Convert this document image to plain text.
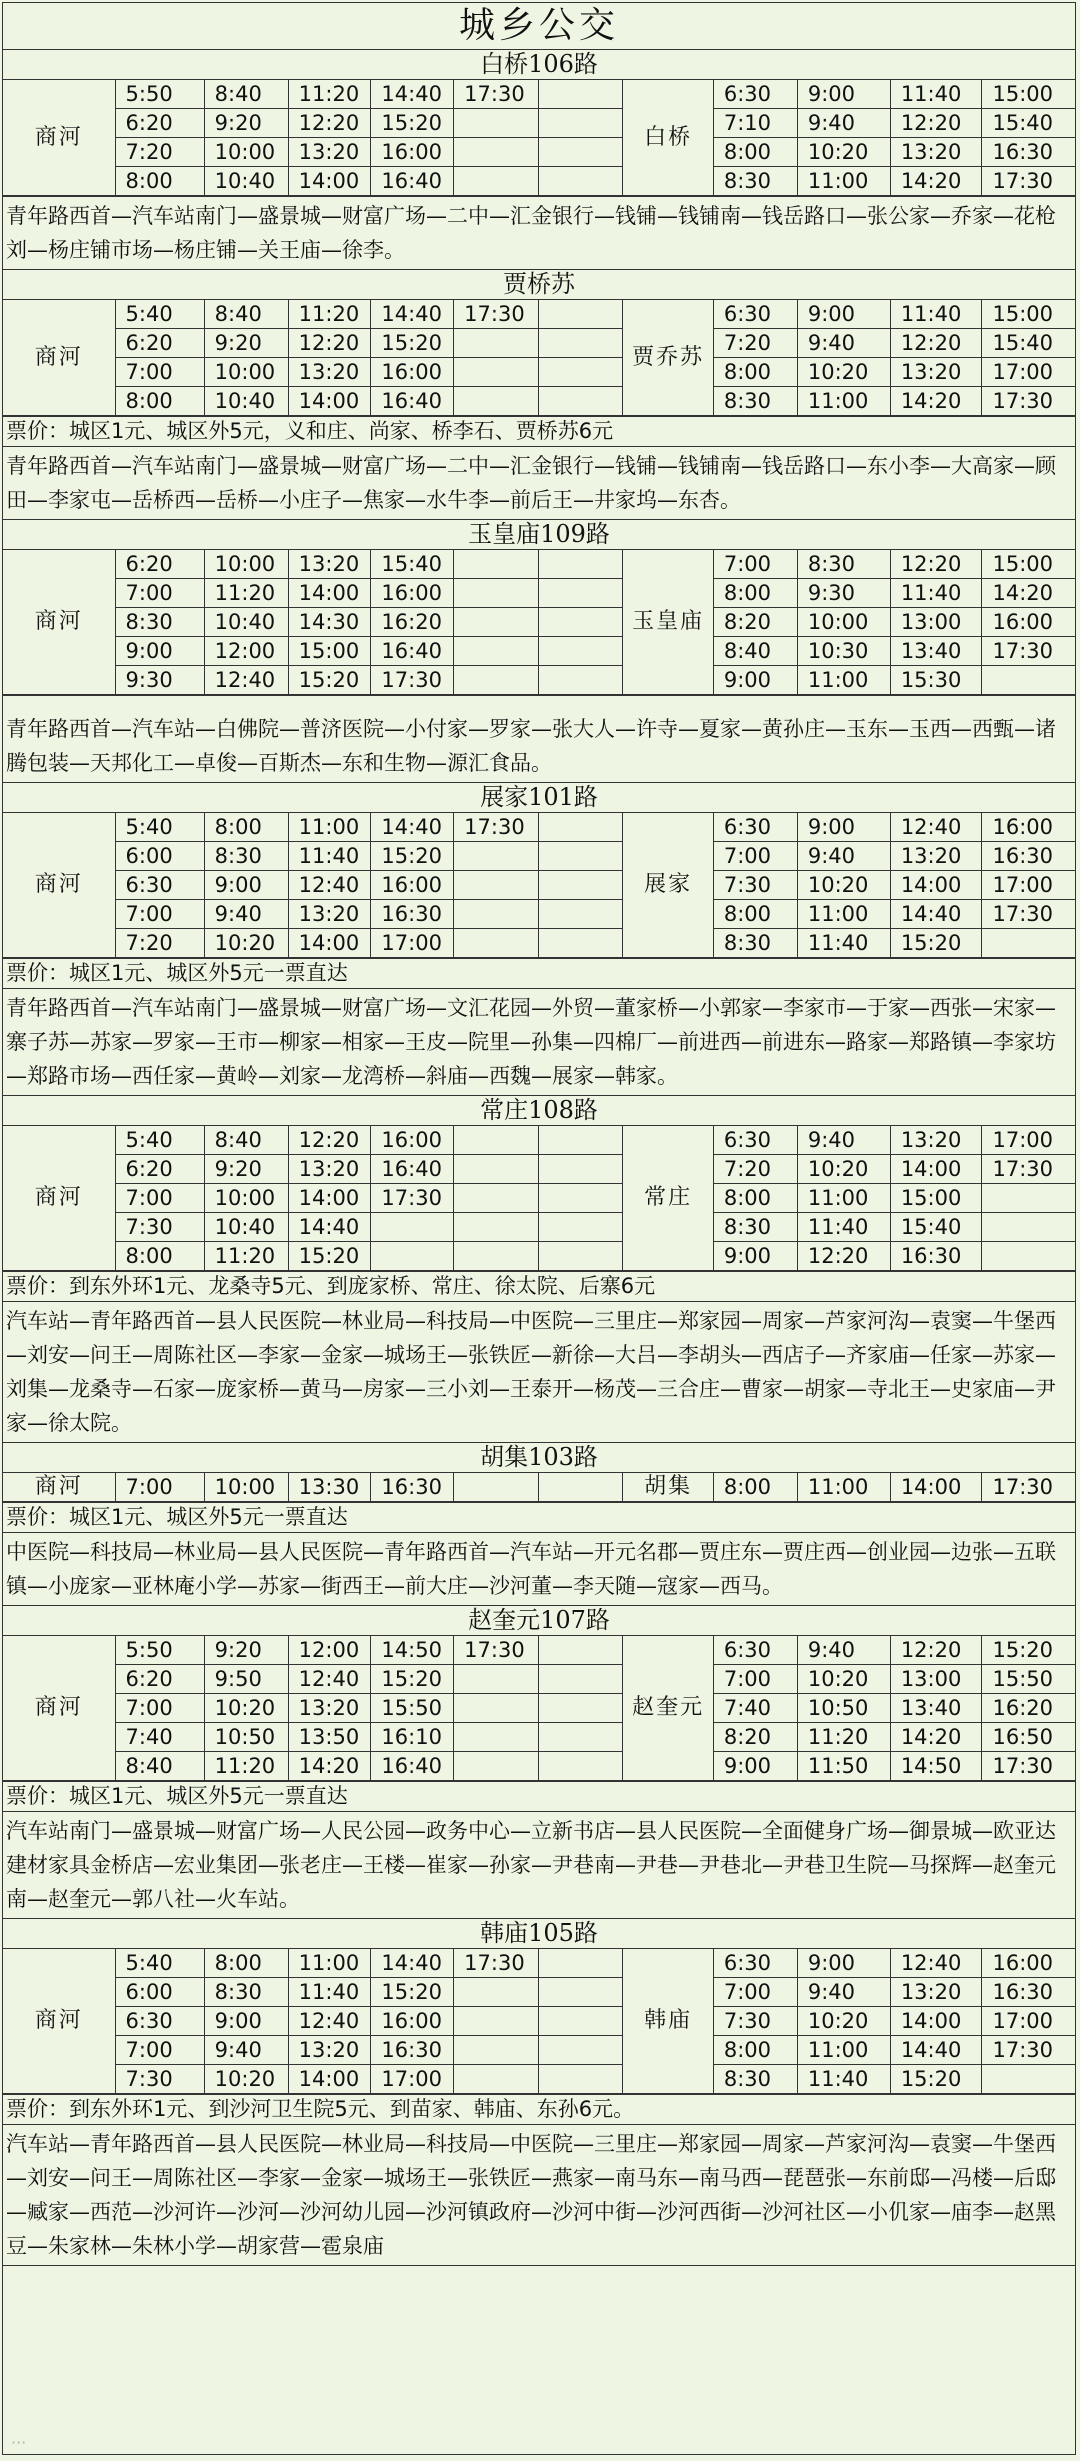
城乡公交
白桥106路
商河	5:50	8:40	11:20	14:40	17:30		白桥	6:30	9:00	11:40	15:00
	6:20	9:20	12:20	15:20				7:10	9:40	12:20	15:40
	7:20	10:00	13:20	16:00				8:00	10:20	13:20	16:30
	8:00	10:40	14:00	16:40				8:30	11:00	14:20	17:30
青年路西首—汽车站南门—盛景城—财富广场—二中—汇金银行—钱铺—钱铺南—钱岳路口—张公家—乔家—花枪刘—杨庄铺市场—杨庄铺—关王庙—徐李。
贾桥苏
商河	5:40	8:40	11:20	14:40	17:30		贾乔苏	6:30	9:00	11:40	15:00
	6:20	9:20	12:20	15:20				7:20	9:40	12:20	15:40
	7:00	10:00	13:20	16:00				8:00	10:20	13:20	17:00
	8:00	10:40	14:00	16:40				8:30	11:00	14:20	17:30
票价：城区1元、城区外5元，义和庄、尚家、桥李石、贾桥苏6元
青年路西首—汽车站南门—盛景城—财富广场—二中—汇金银行—钱铺—钱铺南—钱岳路口—东小李—大高家—顾田—李家屯—岳桥西—岳桥—小庄子—焦家—水牛李—前后王—井家坞—东杏。
玉皇庙109路
商河	6:20	10:00	13:20	15:40			玉皇庙	7:00	8:30	12:20	15:00
	7:00	11:20	14:00	16:00				8:00	9:30	11:40	14:20
	8:30	10:40	14:30	16:20				8:20	10:00	13:00	16:00
	9:00	12:00	15:00	16:40				8:40	10:30	13:40	17:30
	9:30	12:40	15:20	17:30				9:00	11:00	15:30	
青年路西首—汽车站—白佛院—普济医院—小付家—罗家—张大人—许寺—夏家—黄孙庄—玉东—玉西—西甄—诸腾包装—天邦化工—卓俊—百斯杰—东和生物—源汇食品。
展家101路
商河	5:40	8:00	11:00	14:40	17:30		展家	6:30	9:00	12:40	16:00
	6:00	8:30	11:40	15:20				7:00	9:40	13:20	16:30
	6:30	9:00	12:40	16:00				7:30	10:20	14:00	17:00
	7:00	9:40	13:20	16:30				8:00	11:00	14:40	17:30
	7:20	10:20	14:00	17:00				8:30	11:40	15:20	
票价：城区1元、城区外5元一票直达
青年路西首—汽车站南门—盛景城—财富广场—文汇花园—外贸—董家桥—小郭家—李家市—于家—西张—宋家—寨子苏—苏家—罗家—王市—柳家—相家—王皮—院里—孙集—四棉厂—前进西—前进东—路家—郑路镇—李家坊—郑路市场—西任家—黄岭—刘家—龙湾桥—斜庙—西魏—展家—韩家。
常庄108路
商河	5:40	8:40	12:20	16:00			常庄	6:30	9:40	13:20	17:00
	6:20	9:20	13:20	16:40				7:20	10:20	14:00	17:30
	7:00	10:00	14:00	17:30				8:00	11:00	15:00	
	7:30	10:40	14:40					8:30	11:40	15:40	
	8:00	11:20	15:20					9:00	12:20	16:30	
票价：到东外环1元、龙桑寺5元、到庞家桥、常庄、徐太院、后寨6元
汽车站—青年路西首—县人民医院—林业局—科技局—中医院—三里庄—郑家园—周家—芦家河沟—袁窦—牛堡西—刘安—问王—周陈社区—李家—金家—城场王—张铁匠—新徐—大吕—李胡头—西店子—齐家庙—任家—苏家—刘集—龙桑寺—石家—庞家桥—黄马—房家—三小刘—王泰开—杨茂—三合庄—曹家—胡家—寺北王—史家庙—尹家—徐太院。
胡集103路
商河	7:00	10:00	13:30	16:30			胡集	8:00	11:00	14:00	17:30
票价：城区1元、城区外5元一票直达
中医院—科技局—林业局—县人民医院—青年路西首—汽车站—开元名郡—贾庄东—贾庄西—创业园—边张—五联镇—小庞家—亚林庵小学—苏家—街西王—前大庄—沙河董—李天随—寇家—西马。
赵奎元107路
商河	5:50	9:20	12:00	14:50	17:30		赵奎元	6:30	9:40	12:20	15:20
	6:20	9:50	12:40	15:20				7:00	10:20	13:00	15:50
	7:00	10:20	13:20	15:50				7:40	10:50	13:40	16:20
	7:40	10:50	13:50	16:10				8:20	11:20	14:20	16:50
	8:40	11:20	14:20	16:40				9:00	11:50	14:50	17:30
票价：城区1元、城区外5元一票直达
汽车站南门—盛景城—财富广场—人民公园—政务中心—立新书店—县人民医院—全面健身广场—御景城—欧亚达建材家具金桥店—宏业集团—张老庄—王楼—崔家—孙家—尹巷南—尹巷—尹巷北—尹巷卫生院—马探辉—赵奎元南—赵奎元—郭八社—火车站。
韩庙105路
商河	5:40	8:00	11:00	14:40	17:30		韩庙	6:30	9:00	12:40	16:00
	6:00	8:30	11:40	15:20				7:00	9:40	13:20	16:30
	6:30	9:00	12:40	16:00				7:30	10:20	14:00	17:00
	7:00	9:40	13:20	16:30				8:00	11:00	14:40	17:30
	7:30	10:20	14:00	17:00				8:30	11:40	15:20	
票价：到东外环1元、到沙河卫生院5元、到苗家、韩庙、东孙6元。
汽车站—青年路西首—县人民医院—林业局—科技局—中医院—三里庄—郑家园—周家—芦家河沟—袁窦—牛堡西—刘安—问王—周陈社区—李家—金家—城场王—张铁匠—燕家—南马东—南马西—琵琶张—东前邸—冯楼—后邸—臧家—西范—沙河许—沙河—沙河幼儿园—沙河镇政府—沙河中街—沙河西街—沙河社区—小仉家—庙李—赵黑豆—朱家林—朱林小学—胡家营—雹泉庙
···
